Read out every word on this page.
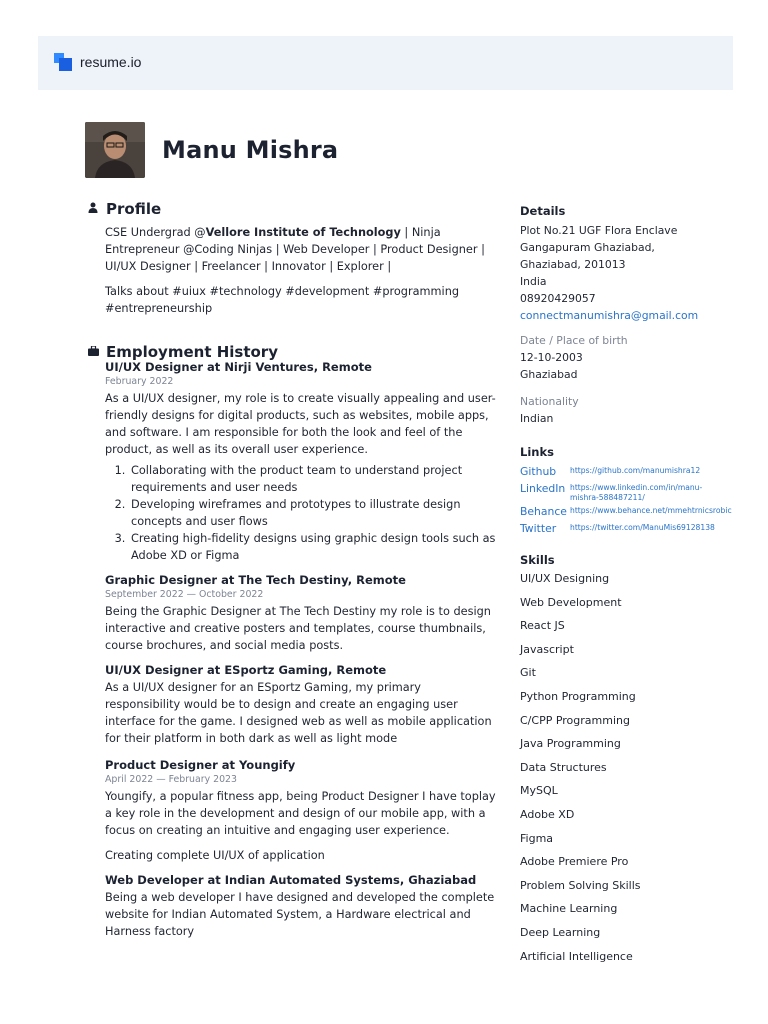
resume.io
Manu Mishra
Profile

CSE Undergrad @Vellore Institute of Technology | Ninja Entrepreneur @Coding Ninjas | Web Developer | Product Designer | UI/UX Designer | Freelancer | Innovator | Explorer |

Talks about #uiux #technology #development #programming #entrepreneurship

Employment History
UI/UX Designer at Nirji Ventures, Remote
February 2022

As a UI/UX designer, my role is to create visually appealing and user-friendly designs for digital products, such as websites, mobile apps, and software. I am responsible for both the look and feel of the product, as well as its overall user experience.

1. Collaborating with the product team to understand project requirements and user needs
2. Developing wireframes and prototypes to illustrate design concepts and user flows
3. Creating high-fidelity designs using graphic design tools such as Adobe XD or Figma
Graphic Designer at The Tech Destiny, Remote
September 2022 — October 2022

Being the Graphic Designer at The Tech Destiny my role is to design interactive and creative posters and templates, course thumbnails, course brochures, and social media posts.

UI/UX Designer at ESportz Gaming, Remote

As a UI/UX designer for an ESportz Gaming, my primary responsibility would be to design and create an engaging user interface for the game. I designed web as well as mobile application for their platform in both dark as well as light mode

Product Designer at Youngify
April 2022 — February 2023

Youngify, a popular fitness app, being Product Designer I have toplay a key role in the development and design of our mobile app, with a focus on creating an intuitive and engaging user experience.

Creating complete UI/UX of application

Web Developer at Indian Automated Systems, Ghaziabad

Being a web developer I have designed and developed the complete website for Indian Automated System, a Hardware electrical and Harness factory

Details
Plot No.21 UGF Flora Enclave
Gangapuram Ghaziabad,
Ghaziabad, 201013
India
08920429057
connectmanumishra@gmail.com
Date / Place of birth
12-10-2003
Ghaziabad
Nationality
Indian
Links
Github	https://github.com/manumishra12
LinkedIn https://www.linkedin.com/in/manu-mishra-588487211/
Behance https://www.behance.net/mmehtrnicsrobic
Twitter	https://twitter.com/ManuMis69128138
Skills
UI/UX Designing
Web Development
React JS
Javascript
Git
Python Programming
C/CPP Programming
Java Programming
Data Structures
MySQL
Adobe XD
Figma
Adobe Premiere Pro
Problem Solving Skills
Machine Learning
Deep Learning
Artificial Intelligence
